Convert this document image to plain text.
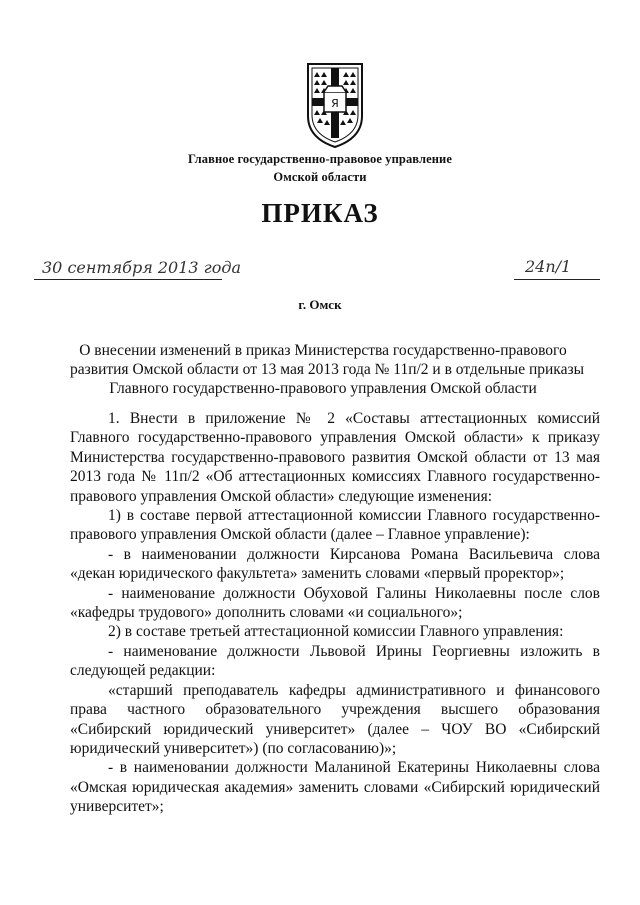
Я
Главное государственно-правовое управление
Омской области
ПРИКАЗ
30 сентября 2013 года	24п/1
г. Омск
О внесении изменений в приказ Министерства государственно-правового
развития Омской области от 13 мая 2013 года № 11п/2 и в отдельные приказы
Главного государственно-правового управления Омской области
1. Внести в приложение № 2 «Составы аттестационных комиссий Главного государственно-правового управления Омской области» к приказу Министерства государственно-правового развития Омской области от 13 мая 2013 года № 11п/2 «Об аттестационных комиссиях Главного государственно-правового управления Омской области» следующие изменения:
1) в составе первой аттестационной комиссии Главного государственно-правового управления Омской области (далее – Главное управление):
- в наименовании должности Кирсанова Романа Васильевича слова «декан юридического факультета» заменить словами «первый проректор»;
- наименование должности Обуховой Галины Николаевны после слов «кафедры трудового» дополнить словами «и социального»;
2) в составе третьей аттестационной комиссии Главного управления:
- наименование должности Львовой Ирины Георгиевны изложить в следующей редакции:
«старший преподаватель кафедры административного и финансового права частного образовательного учреждения высшего образования «Сибирский юридический университет» (далее – ЧОУ ВО «Сибирский юридический университет») (по согласованию)»;
- в наименовании должности Маланиной Екатерины Николаевны слова «Омская юридическая академия» заменить словами «Сибирский юридический университет»;
